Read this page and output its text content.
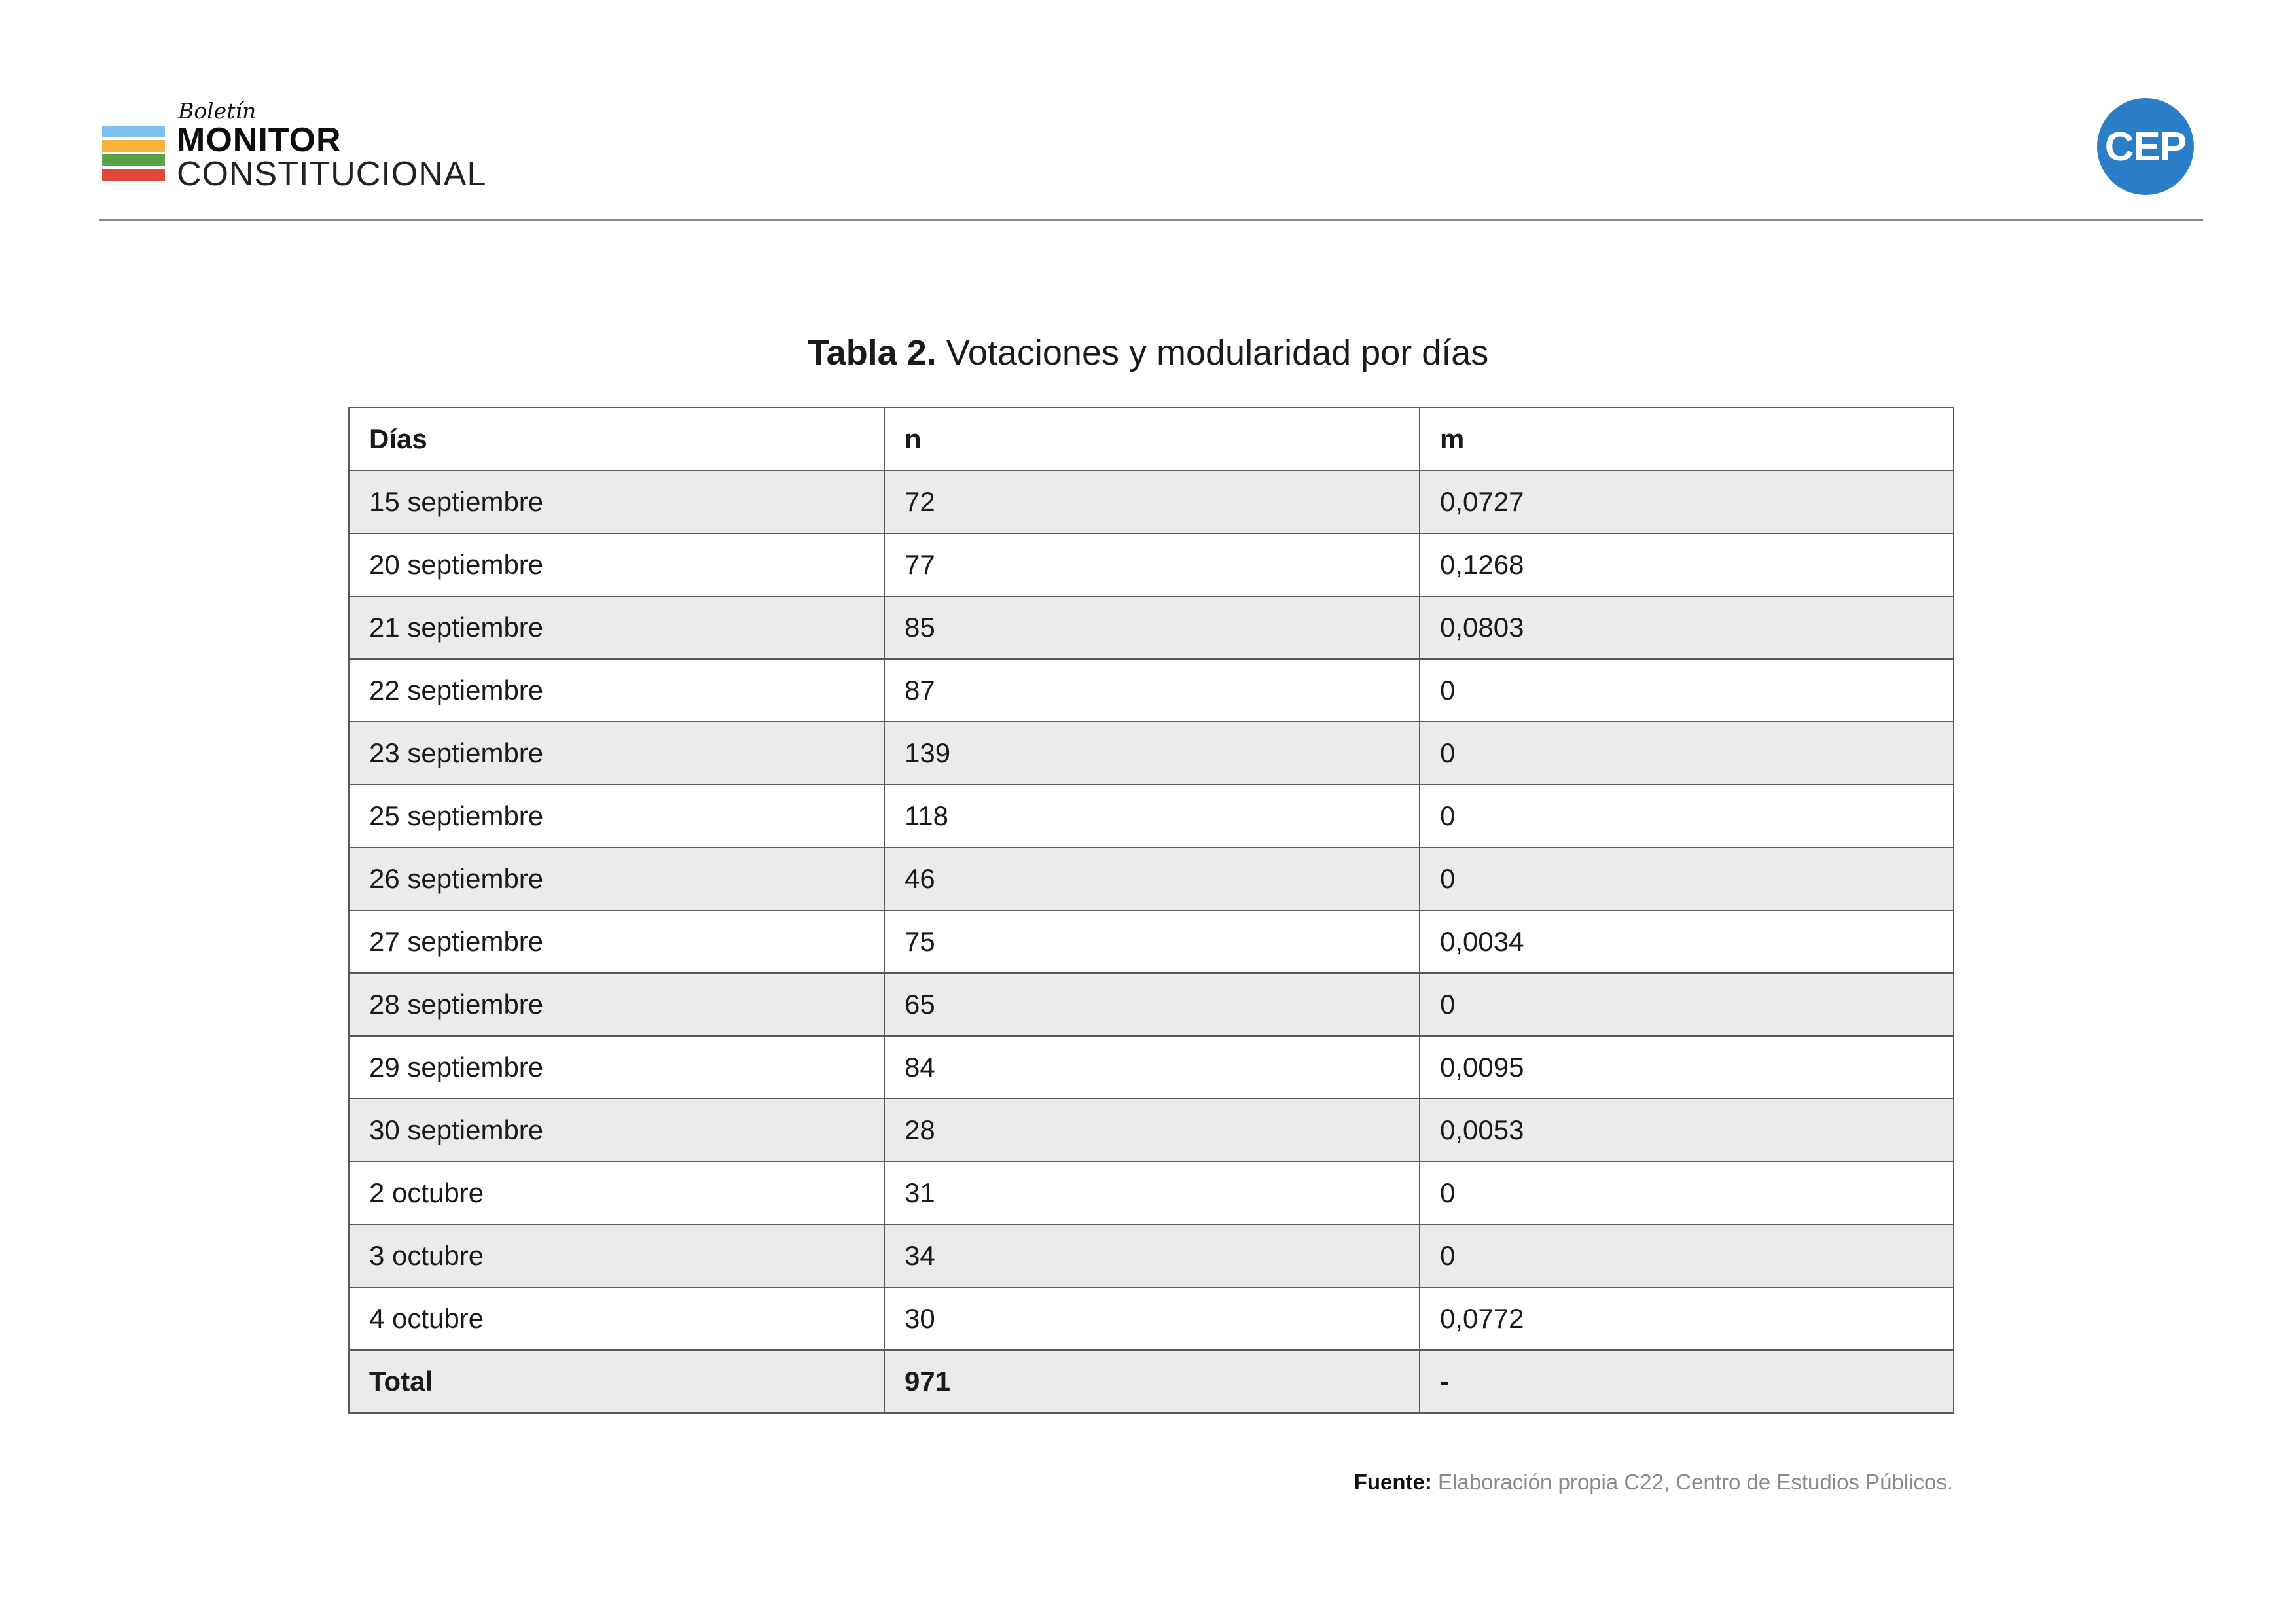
Boletín
MONITOR
CONSTITUCIONAL
CEP
Tabla 2. Votaciones y modularidad por días
Días	n	m
15 septiembre	72	0,0727
20 septiembre	77	0,1268
21 septiembre	85	0,0803
22 septiembre	87	0
23 septiembre	139	0
25 septiembre	118	0
26 septiembre	46	0
27 septiembre	75	0,0034
28 septiembre	65	0
29 septiembre	84	0,0095
30 septiembre	28	0,0053
2 octubre	31	0
3 octubre	34	0
4 octubre	30	0,0772
Total	971	-
Fuente: Elaboración propia C22, Centro de Estudios Públicos.
